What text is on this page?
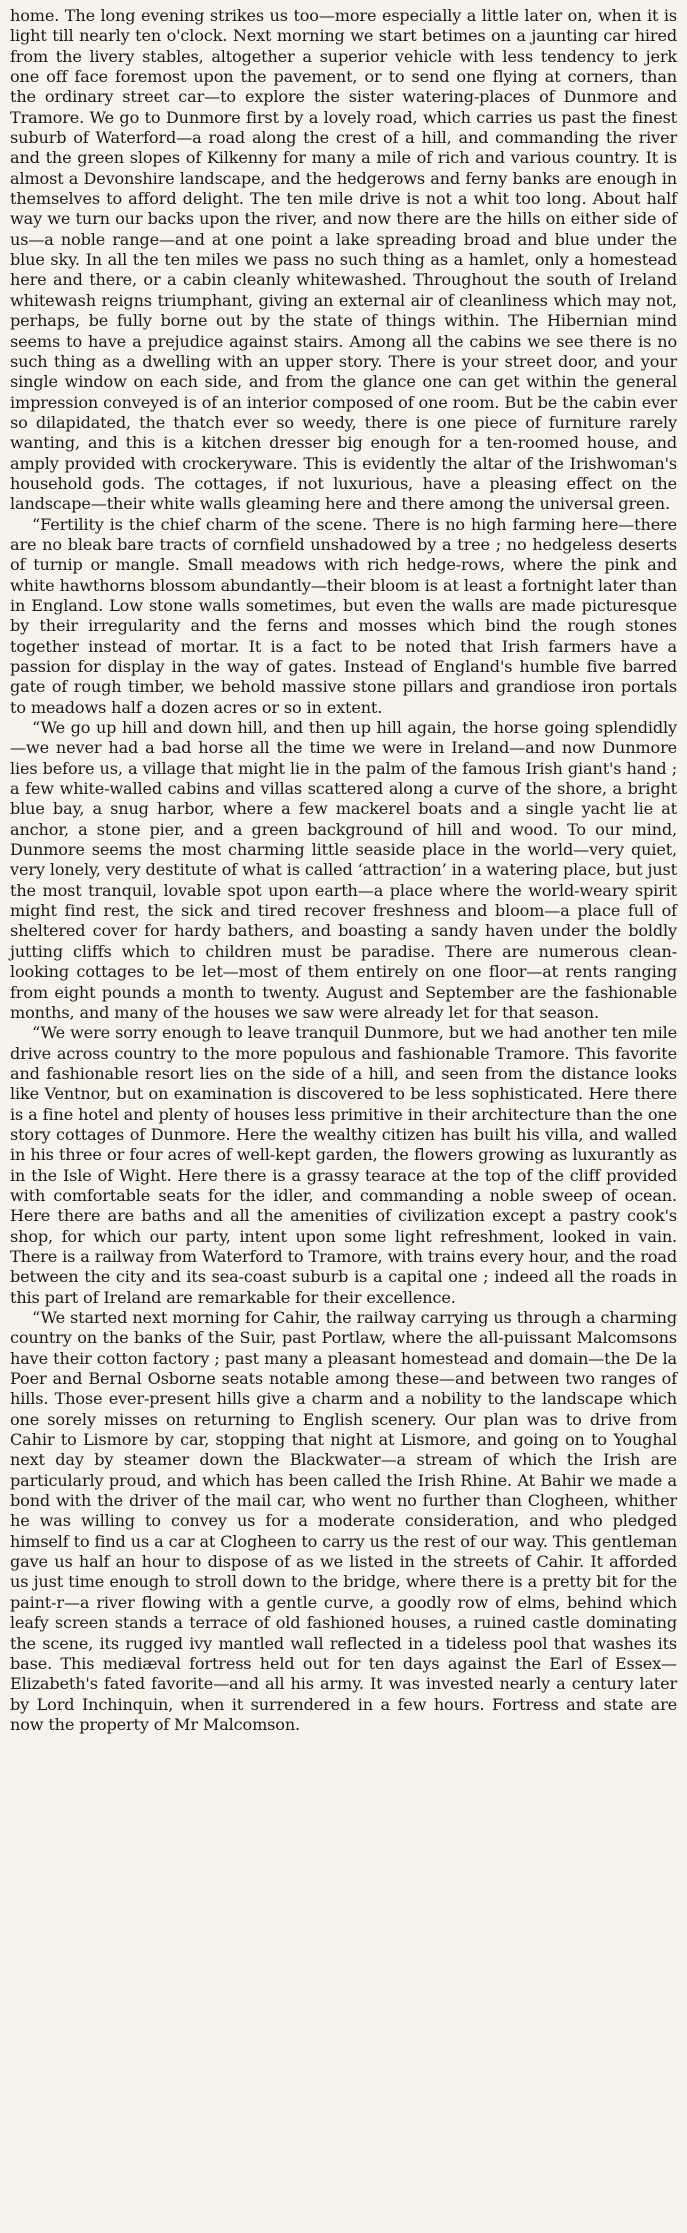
home. The long evening strikes us too—more especially a little later on, when it is light till nearly ten o'clock. Next morning we start betimes on a jaunting car hired from the livery stables, altogether a superior vehicle with less tendency to jerk one off face foremost upon the pavement, or to send one flying at corners, than the ordinary street car—to explore the sister watering-places of Dunmore and Tramore. We go to Dunmore first by a lovely road, which carries us past the finest suburb of Waterford—a road along the crest of a hill, and commanding the river and the green slopes of Kilkenny for many a mile of rich and various country. It is almost a Devonshire landscape, and the hedgerows and ferny banks are enough in themselves to afford delight. The ten mile drive is not a whit too long. About half way we turn our backs upon the river, and now there are the hills on either side of us—a noble range—and at one point a lake spreading broad and blue under the blue sky. In all the ten miles we pass no such thing as a hamlet, only a homestead here and there, or a cabin cleanly whitewashed. Throughout the south of Ireland whitewash reigns triumphant, giving an external air of cleanliness which may not, perhaps, be fully borne out by the state of things within. The Hibernian mind seems to have a prejudice against stairs. Among all the cabins we see there is no such thing as a dwelling with an upper story. There is your street door, and your single window on each side, and from the glance one can get within the general impression conveyed is of an interior composed of one room. But be the cabin ever so dilapidated, the thatch ever so weedy, there is one piece of furniture rarely wanting, and this is a kitchen dresser big enough for a ten-roomed house, and amply provided with crockeryware. This is evidently the altar of the Irishwoman's household gods. The cottages, if not luxurious, have a pleasing effect on the landscape—their white walls gleaming here and there among the universal green.

“Fertility is the chief charm of the scene. There is no high farming here—there are no bleak bare tracts of cornfield unshadowed by a tree ; no hedgeless deserts of turnip or mangle. Small meadows with rich hedge-rows, where the pink and white hawthorns blossom abundantly—their bloom is at least a fortnight later than in England. Low stone walls sometimes, but even the walls are made picturesque by their irregularity and the ferns and mosses which bind the rough stones together instead of mortar. It is a fact to be noted that Irish farmers have a passion for display in the way of gates. Instead of England's humble five barred gate of rough timber, we behold massive stone pillars and grandiose iron portals to meadows half a dozen acres or so in extent.

“We go up hill and down hill, and then up hill again, the horse going splendidly—we never had a bad horse all the time we were in Ireland—and now Dunmore lies before us, a village that might lie in the palm of the famous Irish giant's hand ; a few white-walled cabins and villas scattered along a curve of the shore, a bright blue bay, a snug harbor, where a few mackerel boats and a single yacht lie at anchor, a stone pier, and a green background of hill and wood. To our mind, Dunmore seems the most charming little seaside place in the world—very quiet, very lonely, very destitute of what is called ‘attraction’ in a watering place, but just the most tranquil, lovable spot upon earth—a place where the world-weary spirit might find rest, the sick and tired recover freshness and bloom—a place full of sheltered cover for hardy bathers, and boasting a sandy haven under the boldly jutting cliffs which to children must be paradise. There are numerous clean-looking cottages to be let—most of them entirely on one floor—at rents ranging from eight pounds a month to twenty. August and September are the fashionable months, and many of the houses we saw were already let for that season.

“We were sorry enough to leave tranquil Dunmore, but we had another ten mile drive across country to the more populous and fashionable Tramore. This favorite and fashionable resort lies on the side of a hill, and seen from the distance looks like Ventnor, but on examination is discovered to be less sophisticated. Here there is a fine hotel and plenty of houses less primitive in their architecture than the one story cottages of Dunmore. Here the wealthy citizen has built his villa, and walled in his three or four acres of well-kept garden, the flowers growing as luxurantly as in the Isle of Wight. Here there is a grassy tearace at the top of the cliff provided with comfortable seats for the idler, and commanding a noble sweep of ocean. Here there are baths and all the amenities of civilization except a pastry cook's shop, for which our party, intent upon some light refreshment, looked in vain. There is a railway from Waterford to Tramore, with trains every hour, and the road between the city and its sea-coast suburb is a capital one ; indeed all the roads in this part of Ireland are remarkable for their excellence.

“We started next morning for Cahir, the railway carrying us through a charming country on the banks of the Suir, past Portlaw, where the all-puissant Malcomsons have their cotton factory ; past many a pleasant homestead and domain—the De la Poer and Bernal Osborne seats notable among these—and between two ranges of hills. Those ever-present hills give a charm and a nobility to the landscape which one sorely misses on returning to English scenery. Our plan was to drive from Cahir to Lismore by car, stopping that night at Lismore, and going on to Youghal next day by steamer down the Blackwater—a stream of which the Irish are particularly proud, and which has been called the Irish Rhine. At Bahir we made a bond with the driver of the mail car, who went no further than Clogheen, whither he was willing to convey us for a moderate consideration, and who pledged himself to find us a car at Clogheen to carry us the rest of our way. This gentleman gave us half an hour to dispose of as we listed in the streets of Cahir. It afforded us just time enough to stroll down to the bridge, where there is a pretty bit for the paint-r—a river flowing with a gentle curve, a goodly row of elms, behind which leafy screen stands a terrace of old fashioned houses, a ruined castle dominating the scene, its rugged ivy mantled wall reflected in a tideless pool that washes its base. This mediæval fortress held out for ten days against the Earl of Essex—Elizabeth's fated favorite—and all his army. It was invested nearly a century later by Lord Inchinquin, when it surrendered in a few hours. Fortress and state are now the property of Mr Malcomson.
